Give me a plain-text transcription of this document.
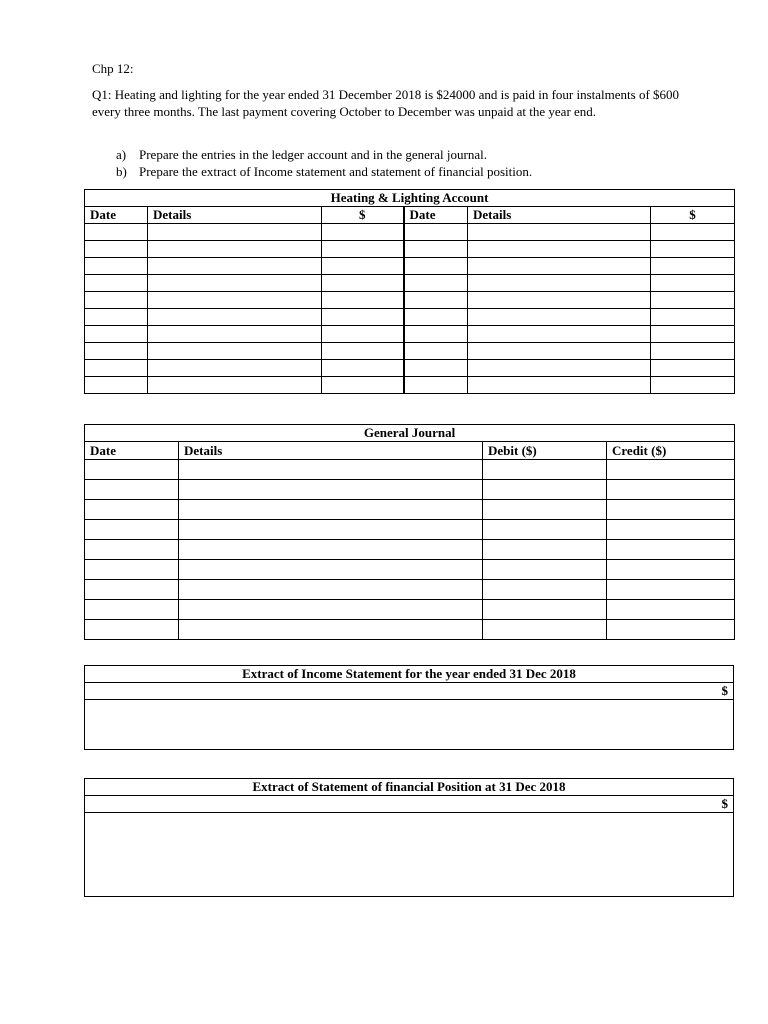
Chp 12:
Q1: Heating and lighting for the year ended 31 December 2018 is $24000 and is paid in four instalments of $600 every three months. The last payment covering October to December was unpaid at the year end.
a) Prepare the entries in the ledger account and in the general journal.
b) Prepare the extract of Income statement and statement of financial position.
Heating & Lighting Account					
Date	Details	$	Date	Details	$

General Journal			
Date	Details	Debit ($)	Credit ($)

Extract of Income Statement for the year ended 31 Dec 2018
$

Extract of Statement of financial Position at 31 Dec 2018
$
